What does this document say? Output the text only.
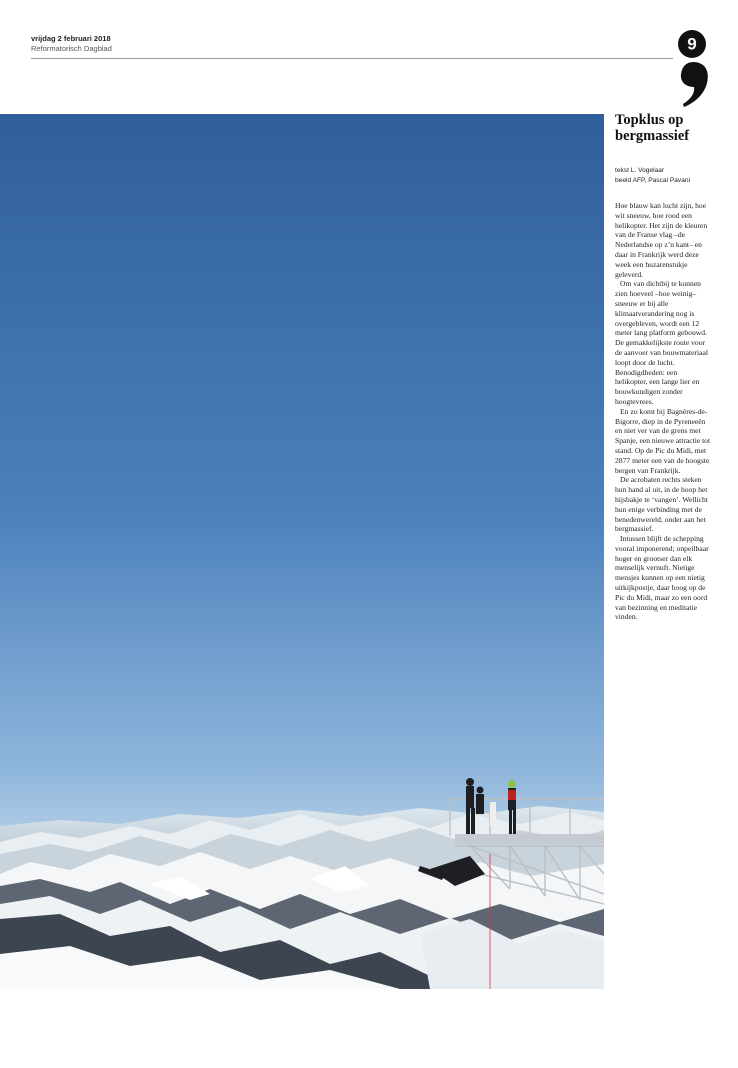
vrijdag 2 februari 2018
Reformatorisch Dagblad	9
Topklus op bergmassief
tekst L. Vogelaar
beeld AFP, Pascal Pavani

Hoe blauw kan lucht zijn, hoe wit sneeuw, hoe rood een helikopter. Het zijn de kleuren van de Franse vlag –de Nederlandse op z’n kant– en daar in Frankrijk werd deze week een huzarenstukje geleverd.

Om van dichtbij te kunnen zien hoeveel –hoe weinig– sneeuw er bij alle klimaatverandering nog is overgebleven, wordt een 12 meter lang platform gebouwd. De gemakkelijkste route voor de aanvoer van bouwmateriaal loopt door de lucht. Benodigdheden: een helikopter, een lange lier en bouwkundigen zonder hoogtevrees.

En zo komt bij Bagnères-de-Bigorre, diep in de Pyreneeën en niet ver van de grens met Spanje, een nieuwe attractie tot stand. Op de Pic du Midi, met 2877 meter een van de hoogste bergen van Frankrijk.

De acrobaten rechts steken hun hand al uit, in de hoop het hijsbakje te ‘vangen’. Wellicht hun enige verbinding met de benedenwereld, onder aan het bergmassief.

Intussen blijft de schepping vooral imponerend; onpeilbaar hoger en grootser dan elk menselijk vernuft. Nietige mensjes kunnen op een nietig uitkijkpostje, daar hoog op de Pic du Midi, maar zo een oord van bezinning en meditatie vinden.
